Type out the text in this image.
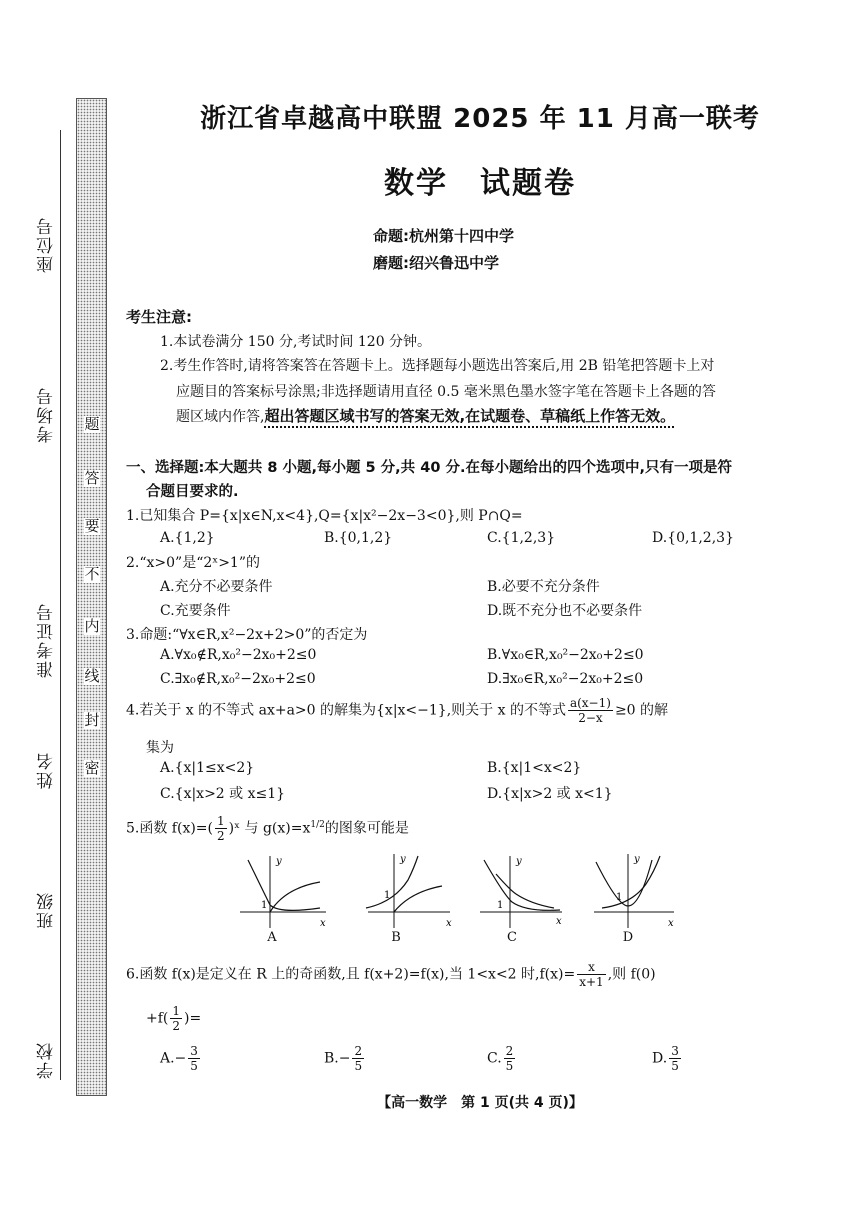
座位号
考场号
准考证号
姓名
班级
学校
题
答
要
不
内
线
封
密
浙江省卓越高中联盟 2025 年 11 月高一联考
数学　试题卷
命题:杭州第十四中学
磨题:绍兴鲁迅中学
考生注意:
1.本试卷满分 150 分,考试时间 120 分钟。
2.考生作答时,请将答案答在答题卡上。选择题每小题选出答案后,用 2B 铅笔把答题卡上对
应题目的答案标号涂黑;非选择题请用直径 0.5 毫米黑色墨水签字笔在答题卡上各题的答
题区域内作答,超出答题区域书写的答案无效,在试题卷、草稿纸上作答无效。
一、选择题:本大题共 8 小题,每小题 5 分,共 40 分.在每小题给出的四个选项中,只有一项是符
合题目要求的.
1.已知集合 P={x|x∈N,x<4},Q={x|x²−2x−3<0},则 P∩Q=
A.{1,2}	B.{0,1,2}	C.{1,2,3}	D.{0,1,2,3}
2.“x>0”是“2ˣ>1”的
A.充分不必要条件	B.必要不充分条件
C.充要条件	D.既不充分也不必要条件
3.命题:“∀x∈R,x²−2x+2>0”的否定为
A.∀x₀∉R,x₀²−2x₀+2≤0	B.∀x₀∈R,x₀²−2x₀+2≤0
C.∃x₀∉R,x₀²−2x₀+2≤0	D.∃x₀∈R,x₀²−2x₀+2≤0
4.若关于 x 的不等式 ax+a>0 的解集为{x|x<−1},则关于 x 的不等式 $\frac{a(x-1)}{2-x} \ge 0$ 的解
集为
A.{x|1≤x<2}	B.{x|1<x<2}
C.{x|x>2 或 x≤1}	D.{x|x>2 或 x<1}
5.函数 $f(x)=( \frac{1}{2}$ )ˣ 与 $g(x)=x^{1/2}$的图象可能是
y
x
1
A
y
x
1
B
y
x
1
C
y
x
1
D
6.函数 f(x)是定义在 R 上的奇函数,且 f(x+2)=f(x),当 1<x<2 时$,f(x)= \frac{x}{x+1}$ ,则 f(0)
$+f( \frac{1}{2}$ )=
$A.- \frac{3}{5}$	$B.- \frac{2}{5}$	C. $\frac{2}{5}$	D. $\frac{3}{5}$
【高一数学　第 1 页(共 4 页)】
